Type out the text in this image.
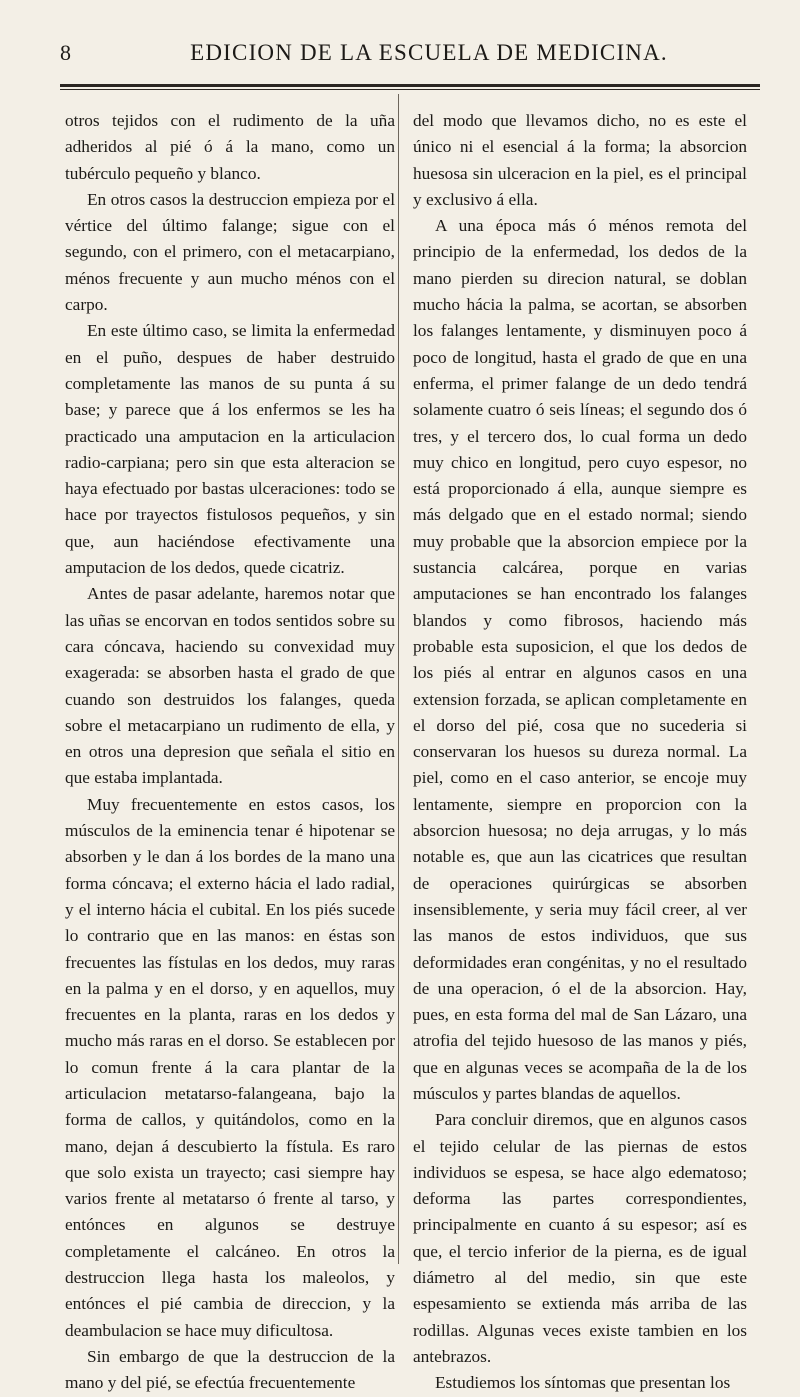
8	EDICION DE LA ESCUELA DE MEDICINA.

otros tejidos con el rudimento de la uña adheridos al pié ó á la mano, como un tubérculo pequeño y blanco.

En otros casos la destruccion empieza por el vértice del último falange; sigue con el segundo, con el primero, con el metacarpiano, ménos frecuente y aun mucho ménos con el carpo.

En este último caso, se limita la enfermedad en el puño, despues de haber destruido completamente las manos de su punta á su base; y parece que á los enfermos se les ha practicado una amputacion en la articulacion radio-carpiana; pero sin que esta alteracion se haya efectuado por bastas ulceraciones: todo se hace por trayectos fistulosos pequeños, y sin que, aun haciéndose efectivamente una amputacion de los dedos, quede cicatriz.

Antes de pasar adelante, haremos notar que las uñas se encorvan en todos sentidos sobre su cara cóncava, haciendo su convexidad muy exagerada: se absorben hasta el grado de que cuando son destruidos los falanges, queda sobre el metacarpiano un rudimento de ella, y en otros una depresion que señala el sitio en que estaba implantada.

Muy frecuentemente en estos casos, los músculos de la eminencia tenar é hipotenar se absorben y le dan á los bordes de la mano una forma cóncava; el externo hácia el lado radial, y el interno hácia el cubital. En los piés sucede lo contrario que en las manos: en éstas son frecuentes las fístulas en los dedos, muy raras en la palma y en el dorso, y en aquellos, muy frecuentes en la planta, raras en los dedos y mucho más raras en el dorso. Se establecen por lo comun frente á la cara plantar de la articulacion metatarso-falangeana, bajo la forma de callos, y quitándolos, como en la mano, dejan á descubierto la fístula. Es raro que solo exista un trayecto; casi siempre hay varios frente al metatarso ó frente al tarso, y entónces en algunos se destruye completamente el calcáneo. En otros la destruccion llega hasta los maleolos, y entónces el pié cambia de direccion, y la deambulacion se hace muy dificultosa.

Sin embargo de que la destruccion de la mano y del pié, se efectúa frecuentemente

del modo que llevamos dicho, no es este el único ni el esencial á la forma; la absorcion huesosa sin ulceracion en la piel, es el principal y exclusivo á ella.

A una época más ó ménos remota del principio de la enfermedad, los dedos de la mano pierden su direcion natural, se doblan mucho hácia la palma, se acortan, se absorben los falanges lentamente, y disminuyen poco á poco de longitud, hasta el grado de que en una enferma, el primer falange de un dedo tendrá solamente cuatro ó seis líneas; el segundo dos ó tres, y el tercero dos, lo cual forma un dedo muy chico en longitud, pero cuyo espesor, no está proporcionado á ella, aunque siempre es más delgado que en el estado normal; siendo muy probable que la absorcion empiece por la sustancia calcárea, porque en varias amputaciones se han encontrado los falanges blandos y como fibrosos, haciendo más probable esta suposicion, el que los dedos de los piés al entrar en algunos casos en una extension forzada, se aplican completamente en el dorso del pié, cosa que no sucederia si conservaran los huesos su dureza normal. La piel, como en el caso anterior, se encoje muy lentamente, siempre en proporcion con la absorcion huesosa; no deja arrugas, y lo más notable es, que aun las cicatrices que resultan de operaciones quirúrgicas se absorben insensiblemente, y seria muy fácil creer, al ver las manos de estos individuos, que sus deformidades eran congénitas, y no el resultado de una operacion, ó el de la absorcion. Hay, pues, en esta forma del mal de San Lázaro, una atrofia del tejido huesoso de las manos y piés, que en algunas veces se acompaña de la de los músculos y partes blandas de aquellos.

Para concluir diremos, que en algunos casos el tejido celular de las piernas de estos individuos se espesa, se hace algo edematoso; deforma las partes correspondientes, principalmente en cuanto á su espesor; así es que, el tercio inferior de la pierna, es de igual diámetro al del medio, sin que este espesamiento se extienda más arriba de las rodillas. Algunas veces existe tambien en los antebrazos.

Estudiemos los síntomas que presentan los
